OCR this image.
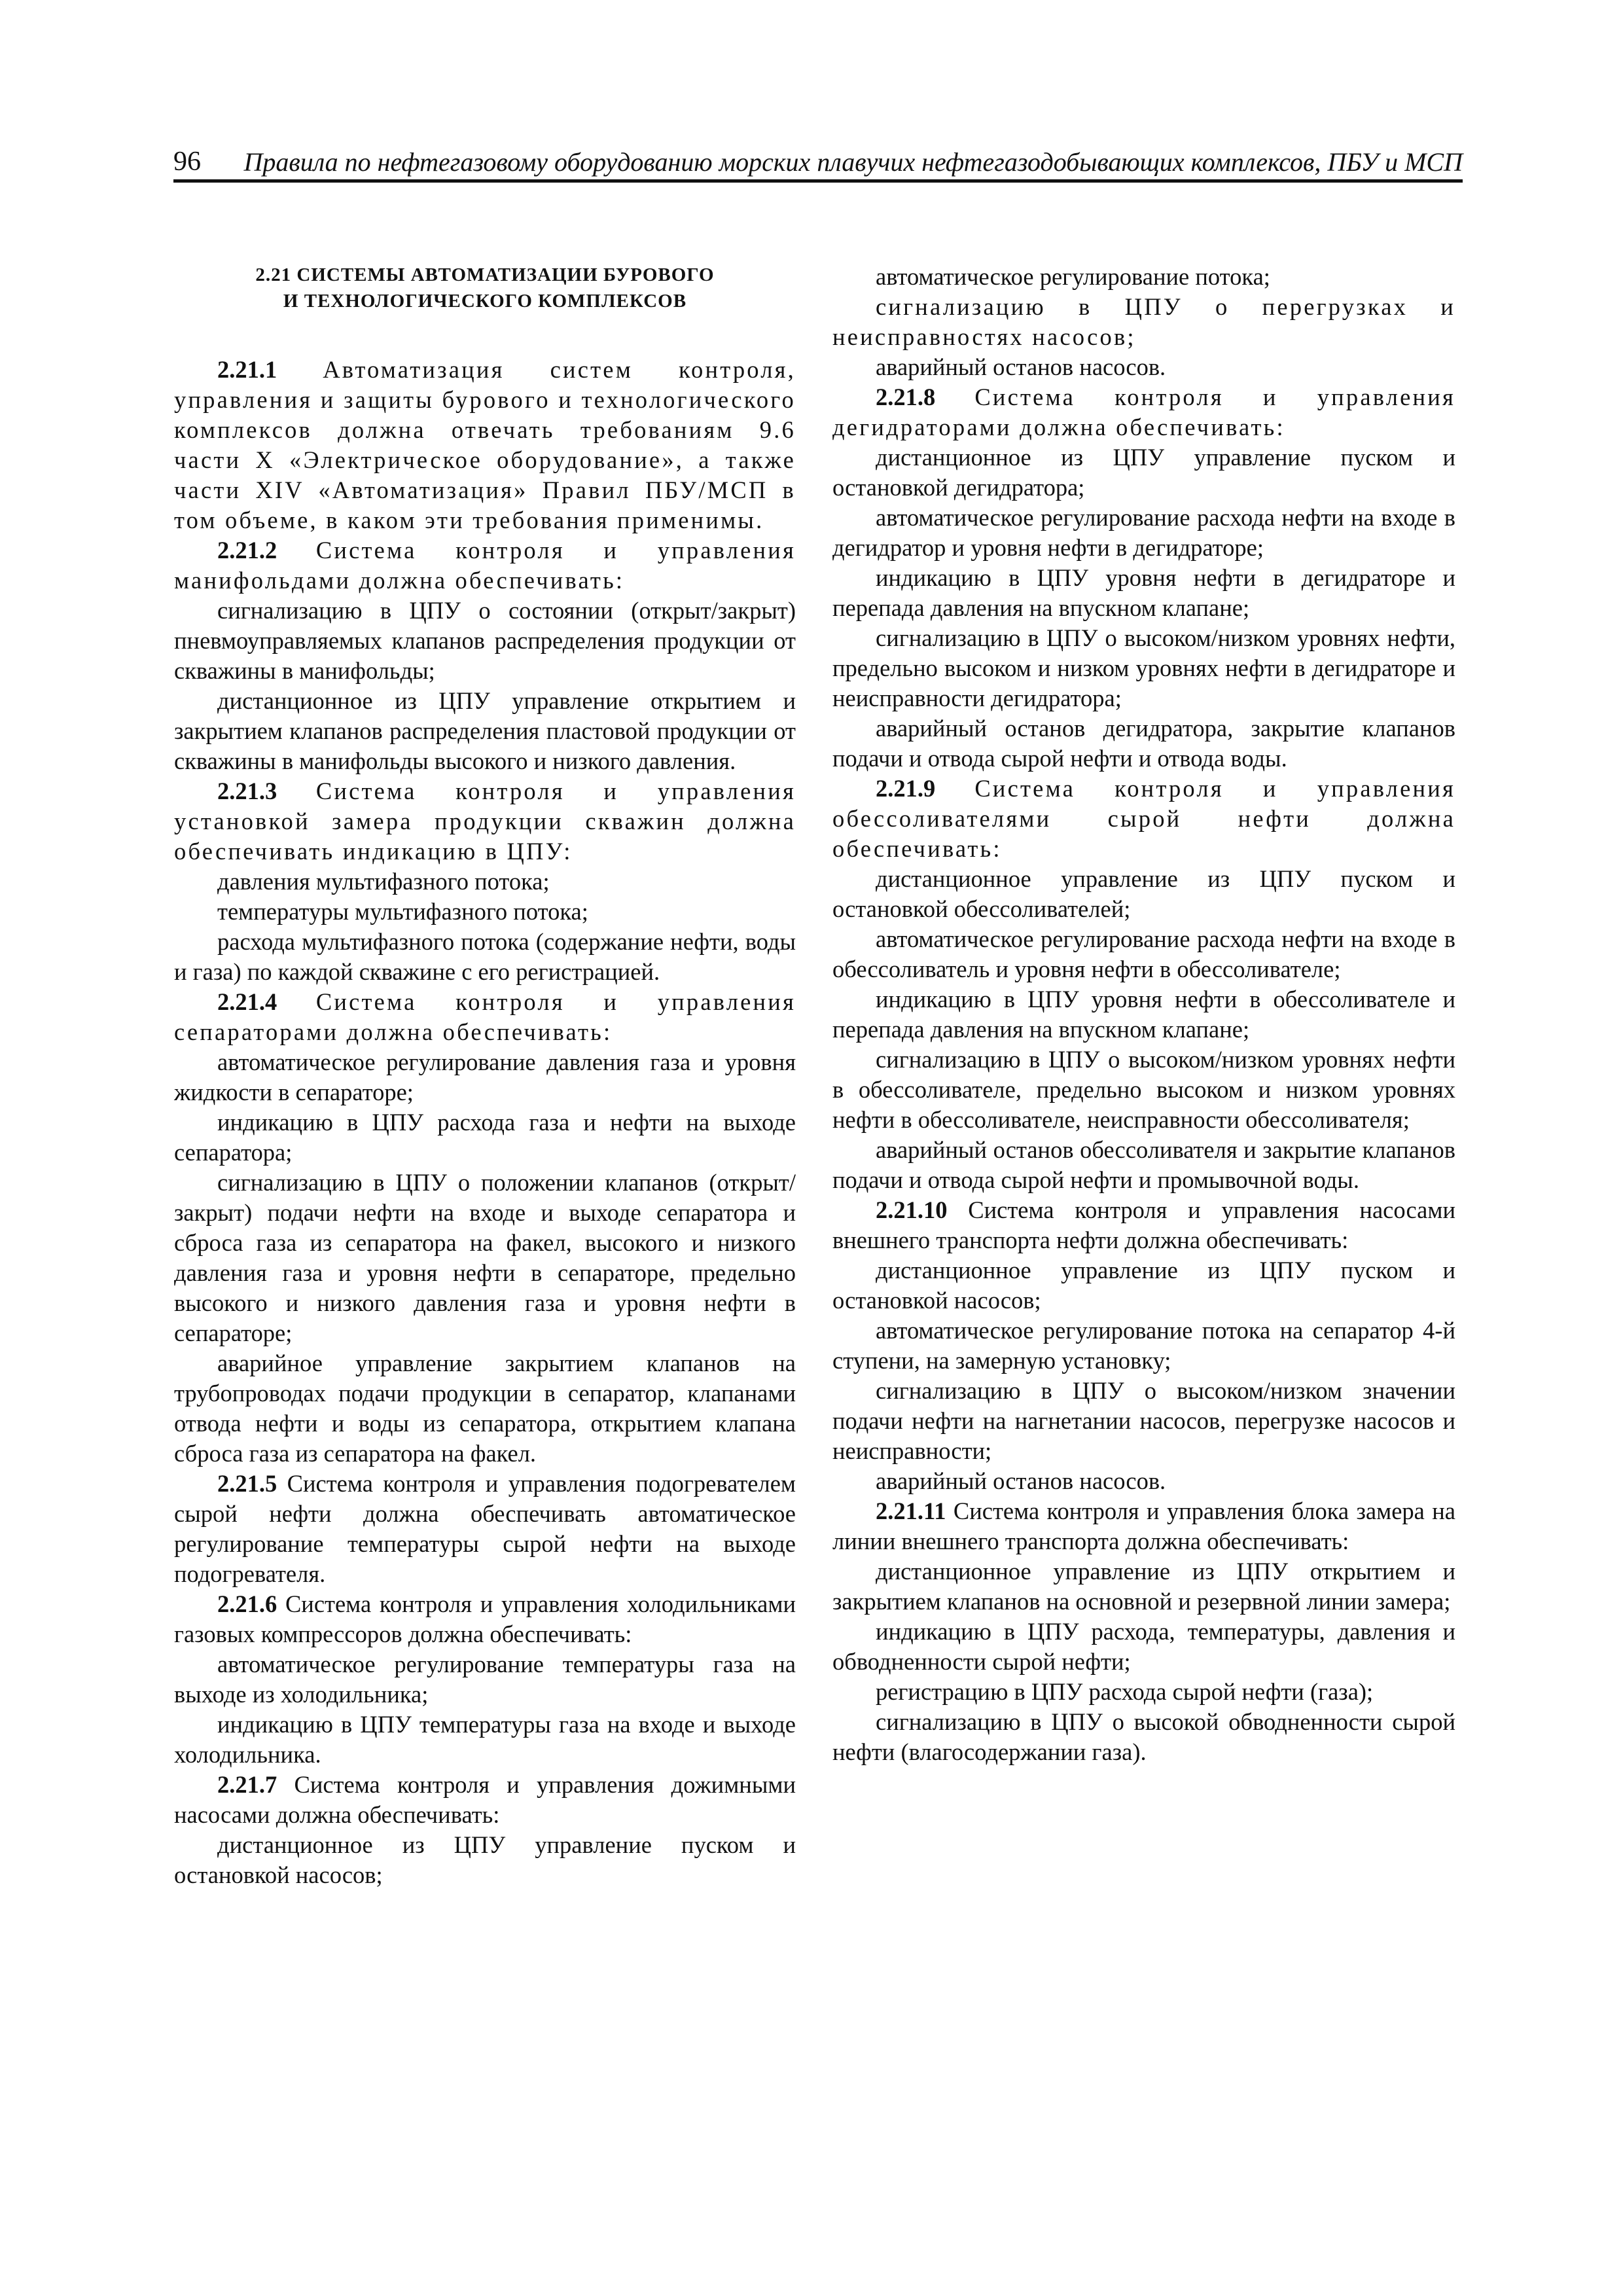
96 Правила по нефтегазовому оборудованию морских плавучих нефтегазодобывающих комплексов, ПБУ и МСП
2.21 СИСТЕМЫ АВТОМАТИЗАЦИИ БУРОВОГО
И ТЕХНОЛОГИЧЕСКОГО КОМПЛЕКСОВ

2.21.1 Автоматизация систем контроля, управления и защиты бурового и технологического комплексов должна отвечать требованиям 9.6 части X «Электрическое оборудование», а также части XIV «Автоматизация» Правил ПБУ/МСП в том объеме, в каком эти требования применимы.

2.21.2 Система контроля и управления манифольдами должна обеспечивать:

сигнализацию в ЦПУ о состоянии (открыт/закрыт) пневмоуправляемых клапанов распределения продукции от скважины в манифольды;

дистанционное из ЦПУ управление открытием и закрытием клапанов распределения пластовой продукции от скважины в манифольды высокого и низкого давления.

2.21.3 Система контроля и управления установкой замера продукции скважин должна обеспечивать индикацию в ЦПУ:

давления мультифазного потока;

температуры мультифазного потока;

расхода мультифазного потока (содержание нефти, воды и газа) по каждой скважине с его регистрацией.

2.21.4 Система контроля и управления сепараторами должна обеспечивать:

автоматическое регулирование давления газа и уровня жидкости в сепараторе;

индикацию в ЦПУ расхода газа и нефти на выходе сепаратора;

сигнализацию в ЦПУ о положении клапанов (открыт/закрыт) подачи нефти на входе и выходе сепаратора и сброса газа из сепаратора на факел, высокого и низкого давления газа и уровня нефти в сепараторе, предельно высокого и низкого давления газа и уровня нефти в сепараторе;

аварийное управление закрытием клапанов на трубопроводах подачи продукции в сепаратор, клапанами отвода нефти и воды из сепаратора, открытием клапана сброса газа из сепаратора на факел.

2.21.5 Система контроля и управления подогревателем сырой нефти должна обеспечивать автоматическое регулирование температуры сырой нефти на выходе подогревателя.

2.21.6 Система контроля и управления холодильниками газовых компрессоров должна обеспечивать:

автоматическое регулирование температуры газа на выходе из холодильника;

индикацию в ЦПУ температуры газа на входе и выходе холодильника.

2.21.7 Система контроля и управления дожимными насосами должна обеспечивать:

дистанционное из ЦПУ управление пуском и остановкой насосов;

автоматическое регулирование потока;

сигнализацию в ЦПУ о перегрузках и неисправностях насосов;

аварийный останов насосов.

2.21.8 Система контроля и управления дегидраторами должна обеспечивать:

дистанционное из ЦПУ управление пуском и остановкой дегидратора;

автоматическое регулирование расхода нефти на входе в дегидратор и уровня нефти в дегидраторе;

индикацию в ЦПУ уровня нефти в дегидраторе и перепада давления на впускном клапане;

сигнализацию в ЦПУ о высоком/низком уровнях нефти, предельно высоком и низком уровнях нефти в дегидраторе и неисправности дегидратора;

аварийный останов дегидратора, закрытие клапанов подачи и отвода сырой нефти и отвода воды.

2.21.9 Система контроля и управления обессоливателями сырой нефти должна обеспечивать:

дистанционное управление из ЦПУ пуском и остановкой обессоливателей;

автоматическое регулирование расхода нефти на входе в обессоливатель и уровня нефти в обессоливателе;

индикацию в ЦПУ уровня нефти в обессоливателе и перепада давления на впускном клапане;

сигнализацию в ЦПУ о высоком/низком уровнях нефти в обессоливателе, предельно высоком и низком уровнях нефти в обессоливателе, неисправности обессоливателя;

аварийный останов обессоливателя и закрытие клапанов подачи и отвода сырой нефти и промывочной воды.

2.21.10 Система контроля и управления насосами внешнего транспорта нефти должна обеспечивать:

дистанционное управление из ЦПУ пуском и остановкой насосов;

автоматическое регулирование потока на сепаратор 4-й ступени, на замерную установку;

сигнализацию в ЦПУ о высоком/низком значении подачи нефти на нагнетании насосов, перегрузке насосов и неисправности;

аварийный останов насосов.

2.21.11 Система контроля и управления блока замера на линии внешнего транспорта должна обеспечивать:

дистанционное управление из ЦПУ открытием и закрытием клапанов на основной и резервной линии замера;

индикацию в ЦПУ расхода, температуры, давления и обводненности сырой нефти;

регистрацию в ЦПУ расхода сырой нефти (газа);

сигнализацию в ЦПУ о высокой обводненности сырой нефти (влагосодержании газа).
